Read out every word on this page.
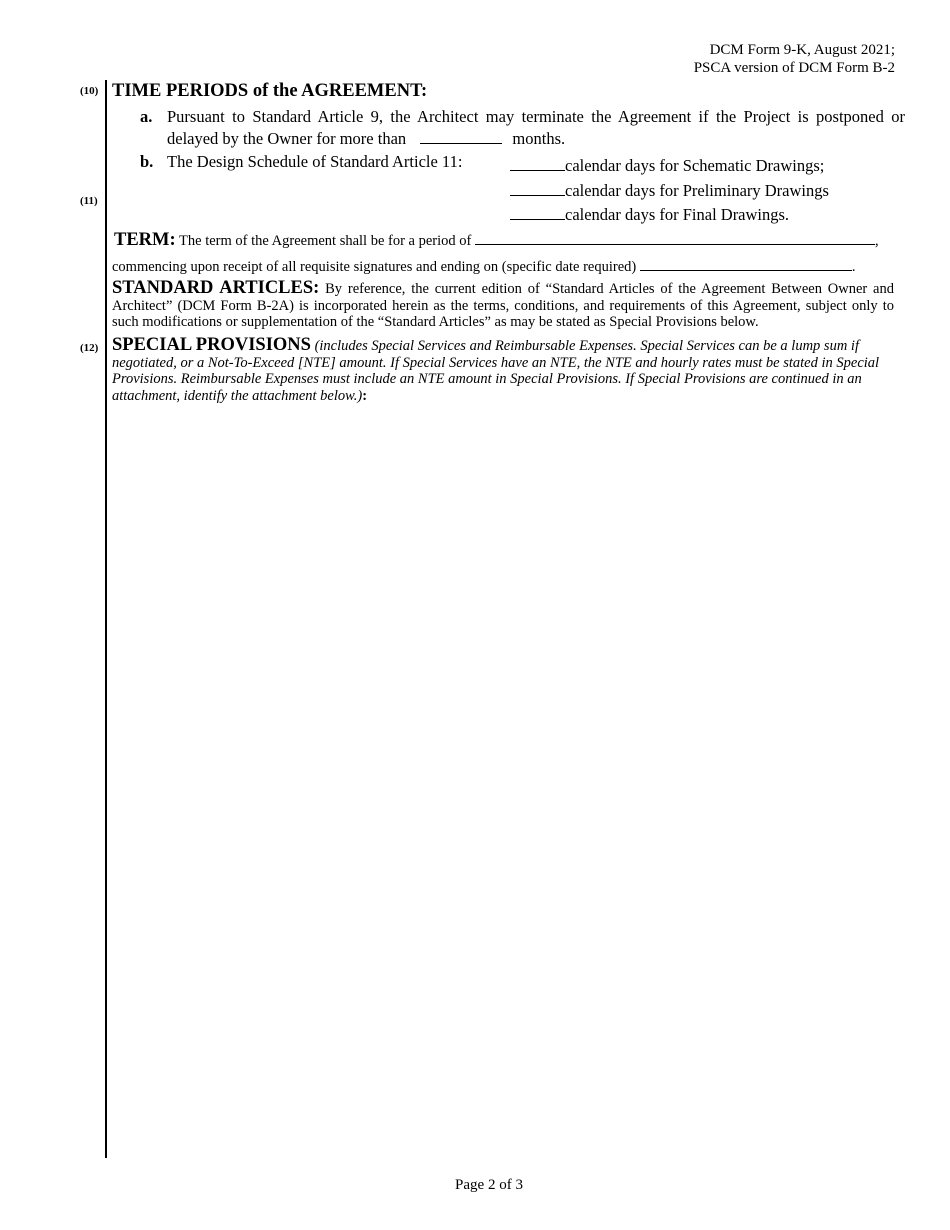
DCM Form 9-K, August 2021;
PSCA version of DCM Form B-2
(10)
(11)
(12)
TIME PERIODS of the AGREEMENT:
a. Pursuant to Standard Article 9, the Architect may terminate the Agreement if the Project is postponed or delayed by the Owner for more than	months.
b. The Design Schedule of Standard Article 11:	calendar days for Schematic Drawings;
calendar days for Preliminary Drawings
calendar days for Final Drawings.
TERM: The term of the Agreement shall be for a period of	,
commencing upon receipt of all requisite signatures and ending on (specific date required)	.
STANDARD ARTICLES: By reference, the current edition of “Standard Articles of the Agreement Between Owner and Architect” (DCM Form B-2A) is incorporated herein as the terms, conditions, and requirements of this Agreement, subject only to such modifications or supplementation of the “Standard Articles” as may be stated as Special Provisions below.
SPECIAL PROVISIONS (includes Special Services and Reimbursable Expenses. Special Services can be a lump sum if negotiated, or a Not-To-Exceed [NTE] amount. If Special Services have an NTE, the NTE and hourly rates must be stated in Special Provisions. Reimbursable Expenses must include an NTE amount in Special Provisions. If Special Provisions are continued in an attachment, identify the attachment below.):
Page 2 of 3
